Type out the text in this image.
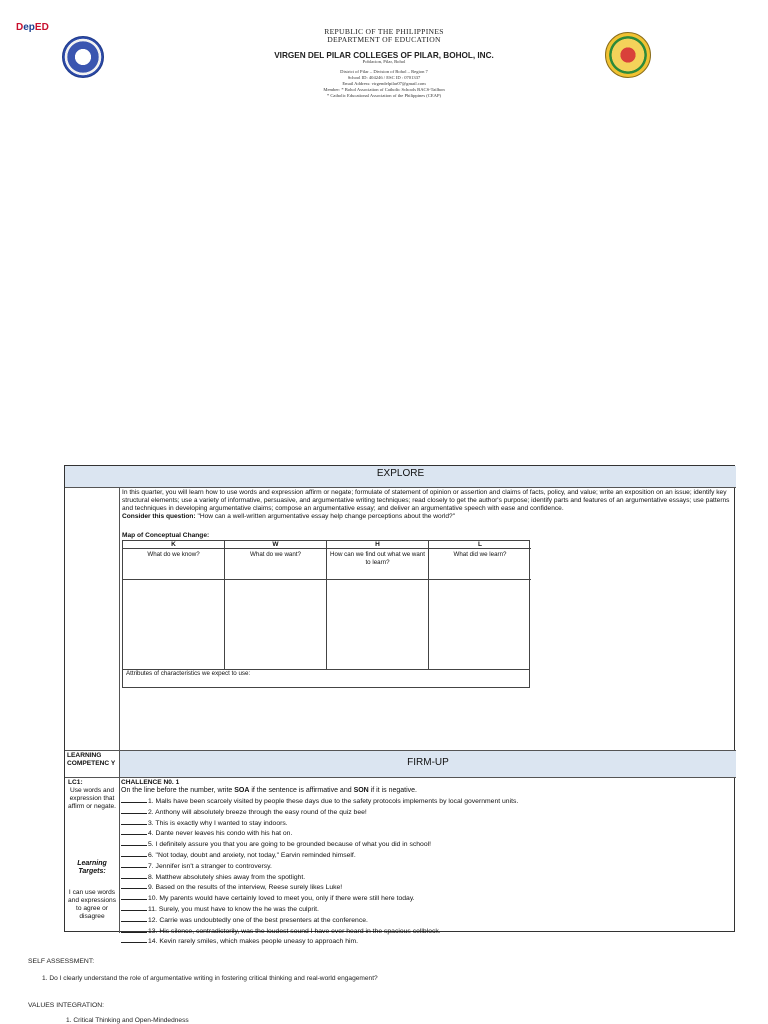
DepED	REPUBLIC OF THE PHILIPPINES
DEPARTMENT OF EDUCATION
VIRGEN DEL PILAR COLLEGES OF PILAR, BOHOL, INC.
Poblacion, Pilar, Bohol
District of Pilar – Division of Bohol – Region 7
School ID: 404246 / ESC ID : 0701337
Email Address: virgendelpilar07@gmail.com
Member: * Bohol Association of Catholic Schools BACS-Tailbon
* Catholic Educational Association of the Philippines (CEAP)
EXPLORE
In this quarter, you will learn how to use words and expression affirm or negate; formulate of statement of opinion or assertion and claims of facts, policy, and value; write an exposition on an issue; identify key structural elements; use a variety of informative, persuasive, and argumentative writing techniques; read closely to get the author's purpose; identify parts and features of an argumentative essays; use patterns and techniques in developing argumentative claims; compose an argumentative essay; and deliver an argumentative speech with ease and confidence.
Consider this question: "How can a well-written argumentative essay help change perceptions about the world?"
Map of Conceptual Change:
K
What do we know?
W
What do we want?
H
How can we find out what we want to learn?
L
What did we learn?
Attributes of characteristics we expect to use:
FIRM-UP
LEARNING COMPETENC Y
LC1:
Use words and expression that affirm or negate.
Learning Targets:
I can use words and expressions to agree or disagree
CHALLENCE N0. 1
On the line before the number, write SOA if the sentence is affirmative and SON if it is negative.
1. Malls have been scarcely visited by people these days due to the safety protocols implements by local government units.
2. Anthony will absolutely breeze through the easy round of the quiz bee!
3. This is exactly why I wanted to stay indoors.
4. Dante never leaves his condo with his hat on.
5. I definitely assure you that you are going to be grounded because of what you did in school!
6. "Not today, doubt and anxiety, not today," Earvin reminded himself.
7. Jennifer isn't a stranger to controversy.
8. Matthew absolutely shies away from the spotlight.
9. Based on the results of the interview, Reese surely likes Luke!
10. My parents would have certainly loved to meet you, only if there were still here today.
11. Surely, you must have to know the he was the culprit.
12. Carrie was undoubtedly one of the best presenters at the conference.
13. His silence, contradictorily, was the loudest sound I have ever heard in the spacious cellblock.
14. Kevin rarely smiles, which makes people uneasy to approach him.
SELF ASSESSMENT:
1. Do I clearly understand the role of argumentative writing in fostering critical thinking and real-world engagement?
VALUES INTEGRATION:
1. Critical Thinking and Open-Mindedness
